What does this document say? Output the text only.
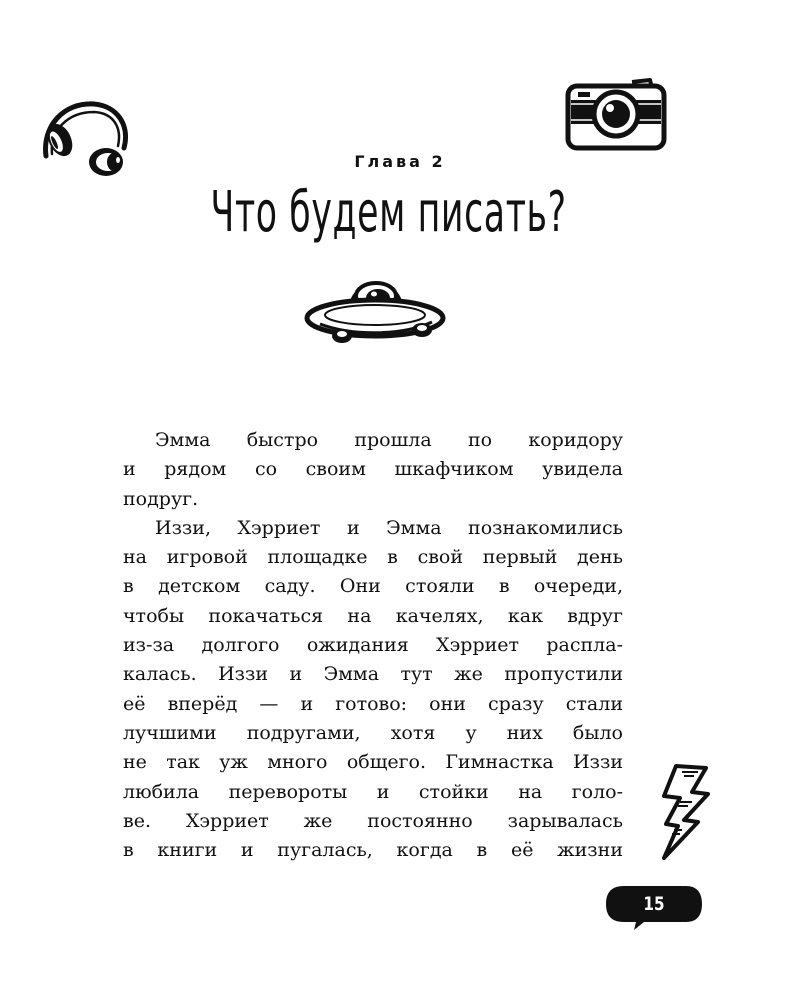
Глава 2
Что будем писать?
Эмма быстро прошла по коридору
и рядом со своим шкафчиком увидела
подруг.
Иззи, Хэрриет и Эмма познакомились
на игровой площадке в свой первый день
в детском саду. Они стояли в очереди,
чтобы покачаться на качелях, как вдруг
из-за долгого ожидания Хэрриет распла-
калась. Иззи и Эмма тут же пропустили
её вперёд — и готово: они сразу стали
лучшими подругами, хотя у них было
не так уж много общего. Гимнастка Иззи
любила перевороты и стойки на голо-
ве. Хэрриет же постоянно зарывалась
в книги и пугалась, когда в её жизни
15
